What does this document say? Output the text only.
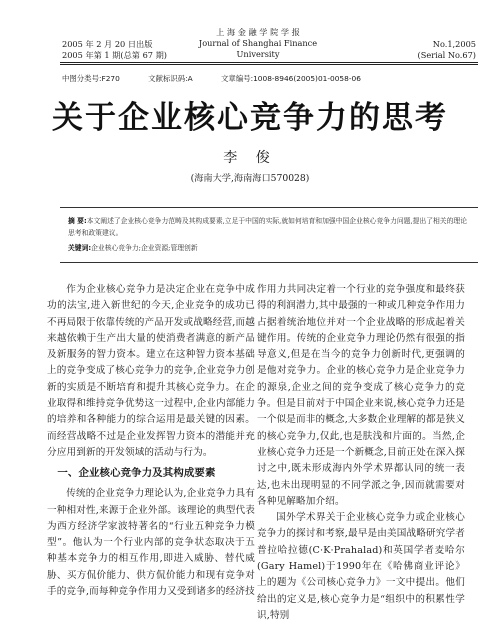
2005 年 2 月 20 日出版
2005 年第 1 期(总第 67 期)
上 海 金 融 学 院 学 报
Journal of Shanghai Finance University
No.1,2005
(Serial No.67)
中图分类号:F270	文献标识码:A	文章编号:1008-8946(2005)01-0058-06
关于企业核心竞争力的思考
李 俊
(海南大学,海南海口570028)
摘 要:本文阐述了企业核心竞争力范畴及其构成要素,立足于中国的实际,就如何培育和加强中国企业核心竞争力问题,提出了相关的理论思考和政策建议。
关键词:企业核心竞争力;企业资源;管理创新

作为企业核心竞争力是决定企业在竞争中成功的法宝,进入新世纪的今天,企业竞争的成功已不再局限于依靠传统的产品开发或战略经营,而越来越依赖于生产出大量的使消费者满意的新产品及新服务的智力资本。建立在这种智力资本基础上的竞争变成了核心竞争力的竞争,企业竞争力创新的实质是不断培育和提升其核心竞争力。在企业取得和维持竞争优势这一过程中,企业内部能力的培养和各种能力的综合运用是最关键的因素。而经营战略不过是企业发挥智力资本的潜能并充分应用到新的开发领域的活动与行为。

一、企业核心竞争力及其构成要素

传统的企业竞争力理论认为,企业竞争力具有一种相对性,来源于企业外部。该理论的典型代表为西方经济学家波特著名的“行业五种竞争力模型”。他认为一个行业内部的竞争状态取决于五种基本竞争力的相互作用,即进入威胁、替代威胁、买方侃价能力、供方侃价能力和现有竞争对手的竞争,而每种竞争作用力又受到诸多的经济技

作用力共同决定着一个行业的竞争强度和最终获得的利润潜力,其中最强的一种或几种竞争作用力占据着统治地位并对一个企业战略的形成起着关键作用。传统的企业竞争力理论仍然有很强的指导意义,但是在当今的竞争力创新时代,更强调的是他对竞争力。企业的核心竞争力是企业竞争力的源泉,企业之间的竞争变成了核心竞争力的竞争。但是目前对于中国企业来说,核心竞争力还是一个似是而非的概念,大多数企业理解的都是狭义的核心竞争力,仅此,也是肤浅和片面的。当然,企业核心竞争力还是一个新概念,目前正处在深入探讨之中,既未形成海内外学术界都认同的统一表达,也未出现明显的不同学派之争,因而就需要对各种见解略加介绍。

国外学术界关于企业核心竞争力或企业核心竞争力的探讨和考察,最早是由美国战略研究学者普拉哈拉德(C·K·Prahalad)和英国学者麦哈尔(Gary Hamel)于1990年在《哈佛商业评论》上的题为《公司核心竞争力》一文中提出。他们给出的定义是,核心竞争力是“组织中的积累性学识,特别
